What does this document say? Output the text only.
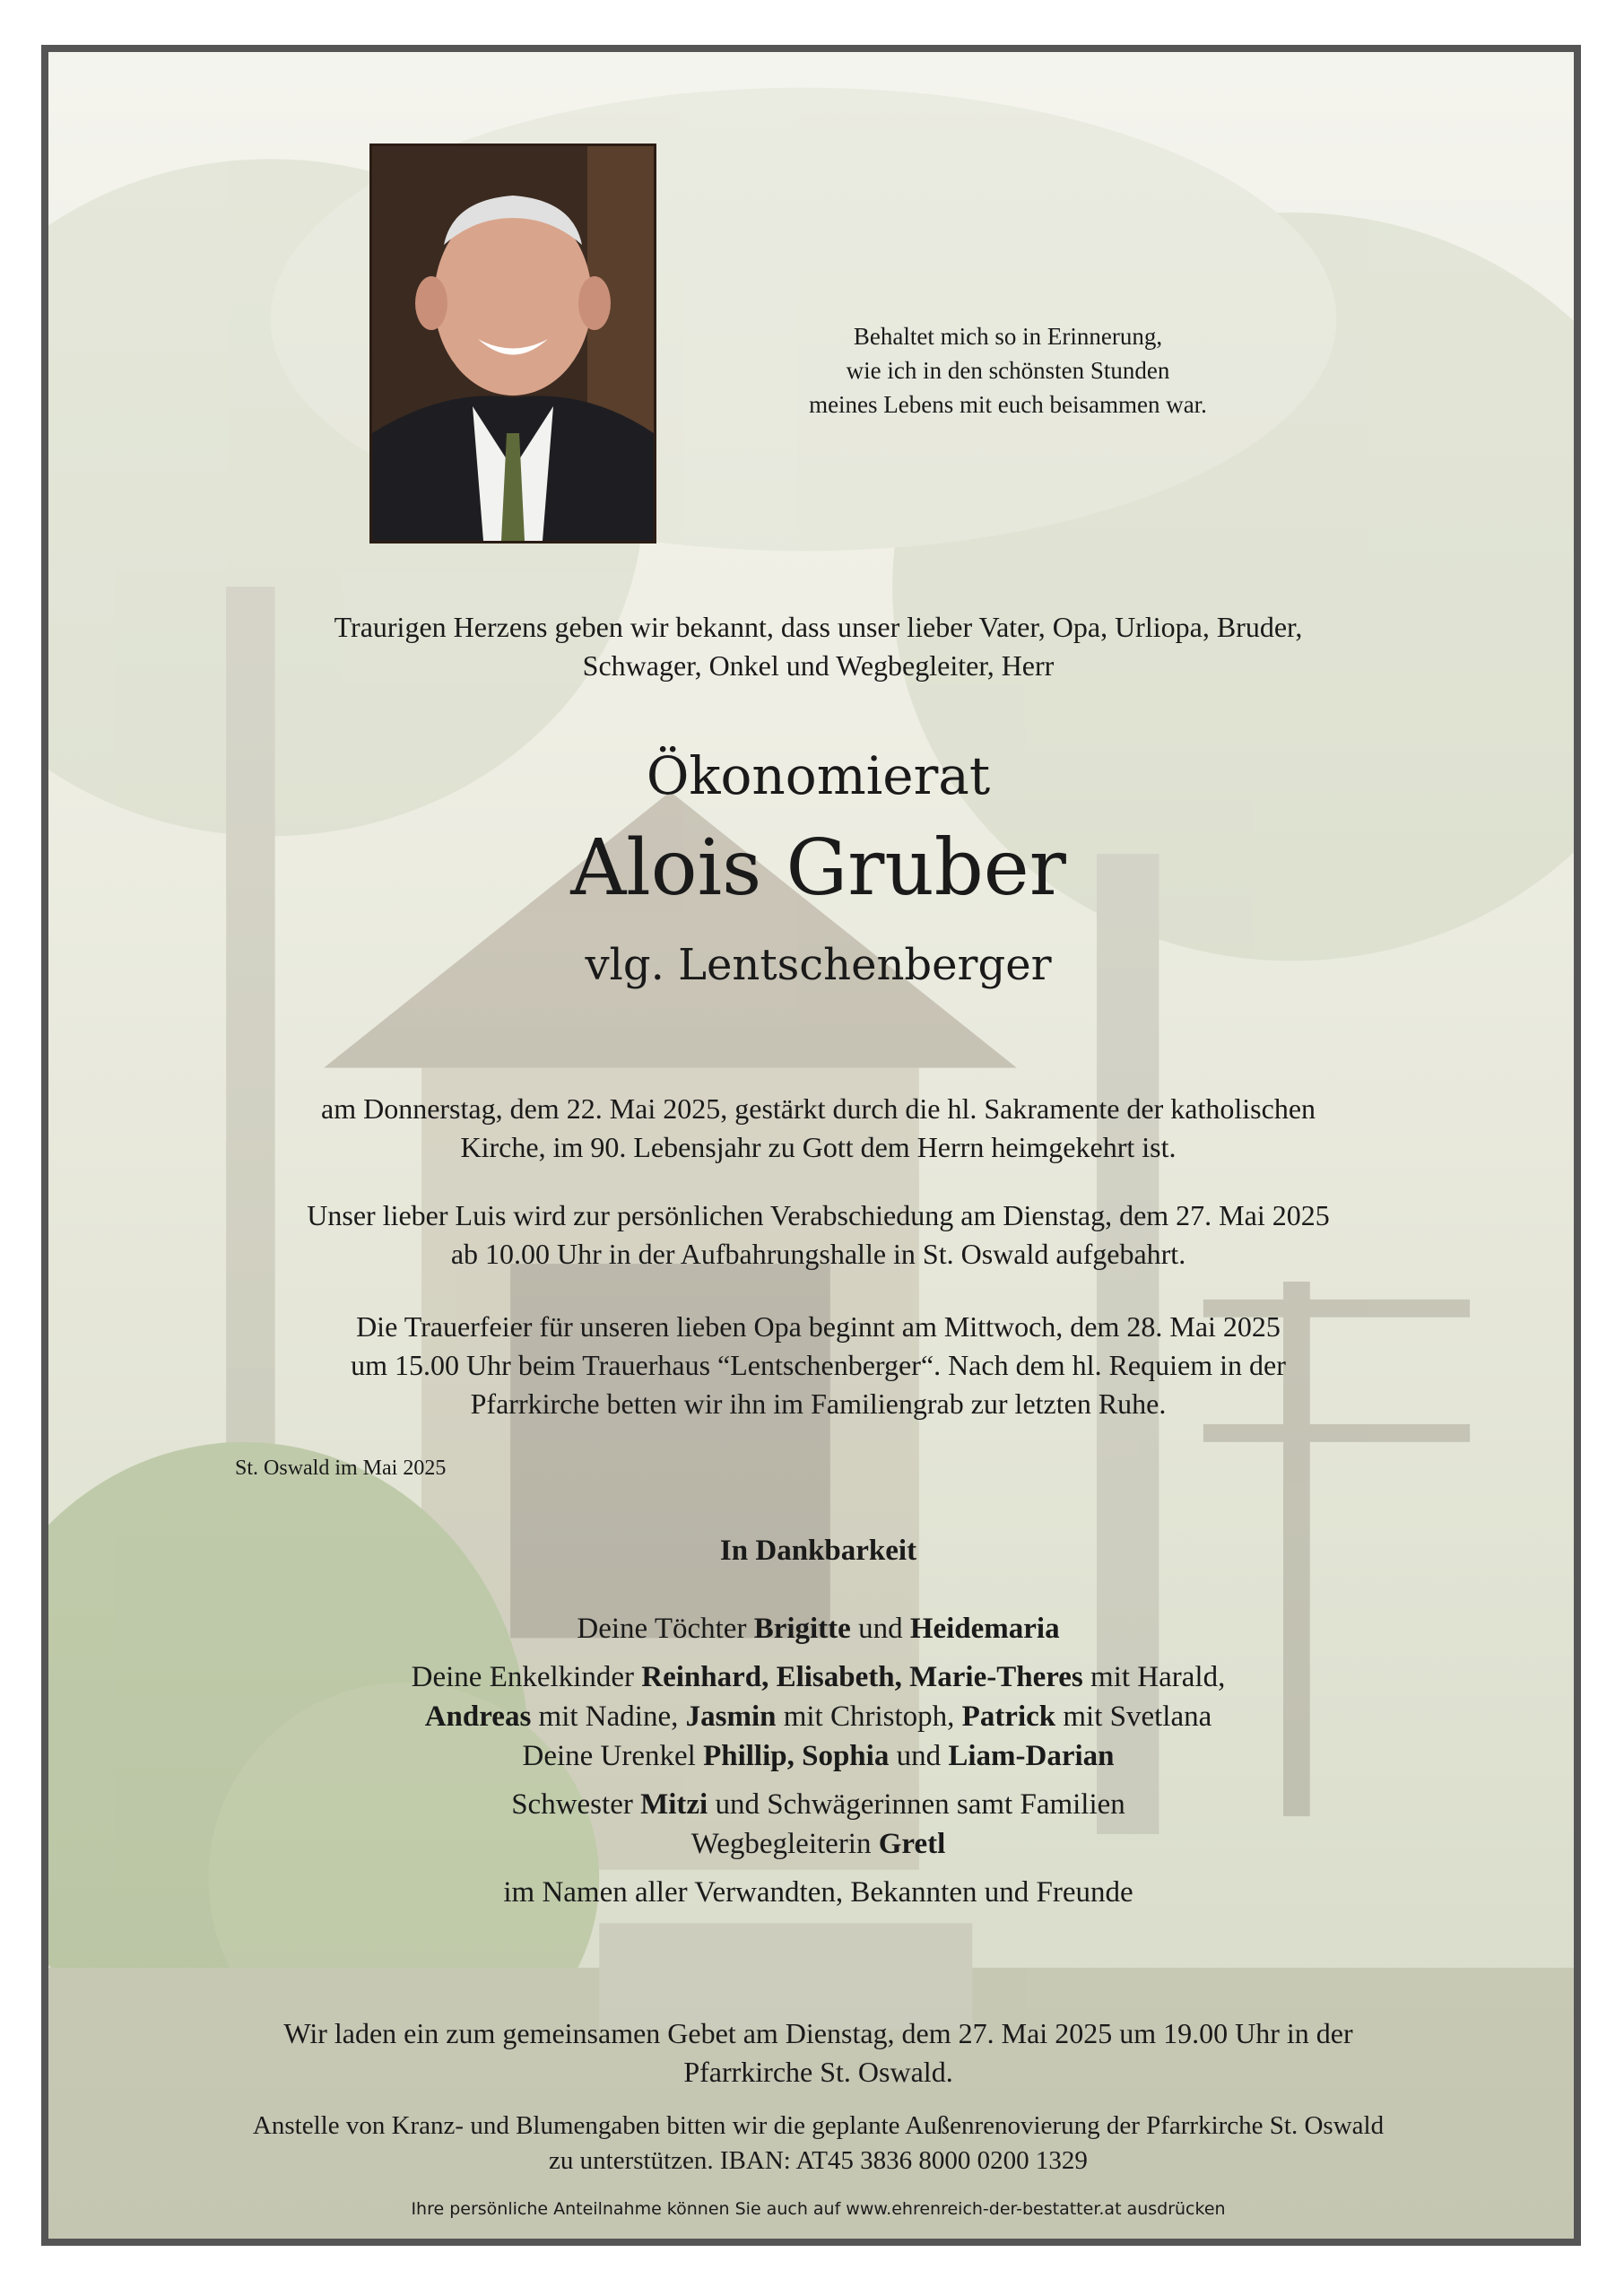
Behaltet mich so in Erinnerung,
wie ich in den schönsten Stunden
meines Lebens mit euch beisammen war.
Traurigen Herzens geben wir bekannt, dass unser lieber Vater, Opa, Urliopa, Bruder,
Schwager, Onkel und Wegbegleiter, Herr
Ökonomierat
Alois Gruber
vlg. Lentschenberger
am Donnerstag, dem 22. Mai 2025, gestärkt durch die hl. Sakramente der katholischen
Kirche, im 90. Lebensjahr zu Gott dem Herrn heimgekehrt ist.
Unser lieber Luis wird zur persönlichen Verabschiedung am Dienstag, dem 27. Mai 2025
ab 10.00 Uhr in der Aufbahrungshalle in St. Oswald aufgebahrt.
Die Trauerfeier für unseren lieben Opa beginnt am Mittwoch, dem 28. Mai 2025
um 15.00 Uhr beim Trauerhaus “Lentschenberger“. Nach dem hl. Requiem in der
Pfarrkirche betten wir ihn im Familiengrab zur letzten Ruhe.
St. Oswald im Mai 2025
In Dankbarkeit
Deine Töchter Brigitte und Heidemaria
Deine Enkelkinder Reinhard, Elisabeth, Marie-Theres mit Harald,
Andreas mit Nadine, Jasmin mit Christoph, Patrick mit Svetlana
Deine Urenkel Phillip, Sophia und Liam-Darian
Schwester Mitzi und Schwägerinnen samt Familien
Wegbegleiterin Gretl
im Namen aller Verwandten, Bekannten und Freunde
Wir laden ein zum gemeinsamen Gebet am Dienstag, dem 27. Mai 2025 um 19.00 Uhr in der
Pfarrkirche St. Oswald.
Anstelle von Kranz- und Blumengaben bitten wir die geplante Außenrenovierung der Pfarrkirche St. Oswald
zu unterstützen. IBAN: AT45 3836 8000 0200 1329
Ihre persönliche Anteilnahme können Sie auch auf www.ehrenreich-der-bestatter.at ausdrücken
